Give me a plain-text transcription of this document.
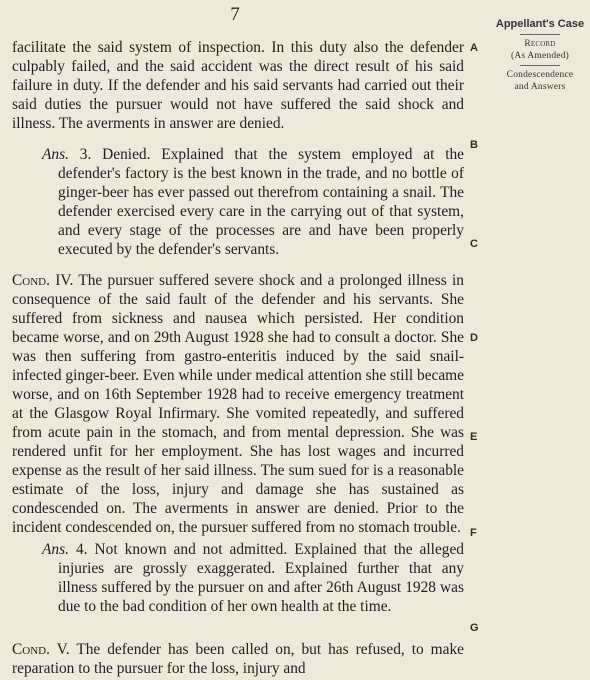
7	Appellant's Case
Record
(As Amended)
Condescendence
and Answers

facilitate the said system of inspection. In this duty also the defender culpably failed, and the said accident was the direct result of his said failure in duty. If the defender and his said servants had carried out their said duties the pursuer would not have suffered the said shock and illness. The averments in answer are denied.

Ans. 3. Denied. Explained that the system employed at the defender's factory is the best known in the trade, and no bottle of ginger-beer has ever passed out therefrom containing a snail. The defender exercised every care in the carrying out of that system, and every stage of the processes are and have been properly executed by the defender's servants.

Cond. IV. The pursuer suffered severe shock and a prolonged illness in consequence of the said fault of the defender and his servants. She suffered from sickness and nausea which persisted. Her condition became worse, and on 29th August 1928 she had to consult a doctor. She was then suffering from gastro-enteritis induced by the said snail-infected ginger-beer. Even while under medical attention she still became worse, and on 16th September 1928 had to receive emergency treatment at the Glasgow Royal Infirmary. She vomited repeatedly, and suffered from acute pain in the stomach, and from mental depression. She was rendered unfit for her employment. She has lost wages and incurred expense as the result of her said illness. The sum sued for is a reasonable estimate of the loss, injury and damage she has sustained as condescended on. The averments in answer are denied. Prior to the incident condescended on, the pursuer suffered from no stomach trouble.

Ans. 4. Not known and not admitted. Explained that the alleged injuries are grossly exaggerated. Explained further that any illness suffered by the pursuer on and after 26th August 1928 was due to the bad condition of her own health at the time.

Cond. V. The defender has been called on, but has refused, to make reparation to the pursuer for the loss, injury and

A
B
C
D
E
F
G
